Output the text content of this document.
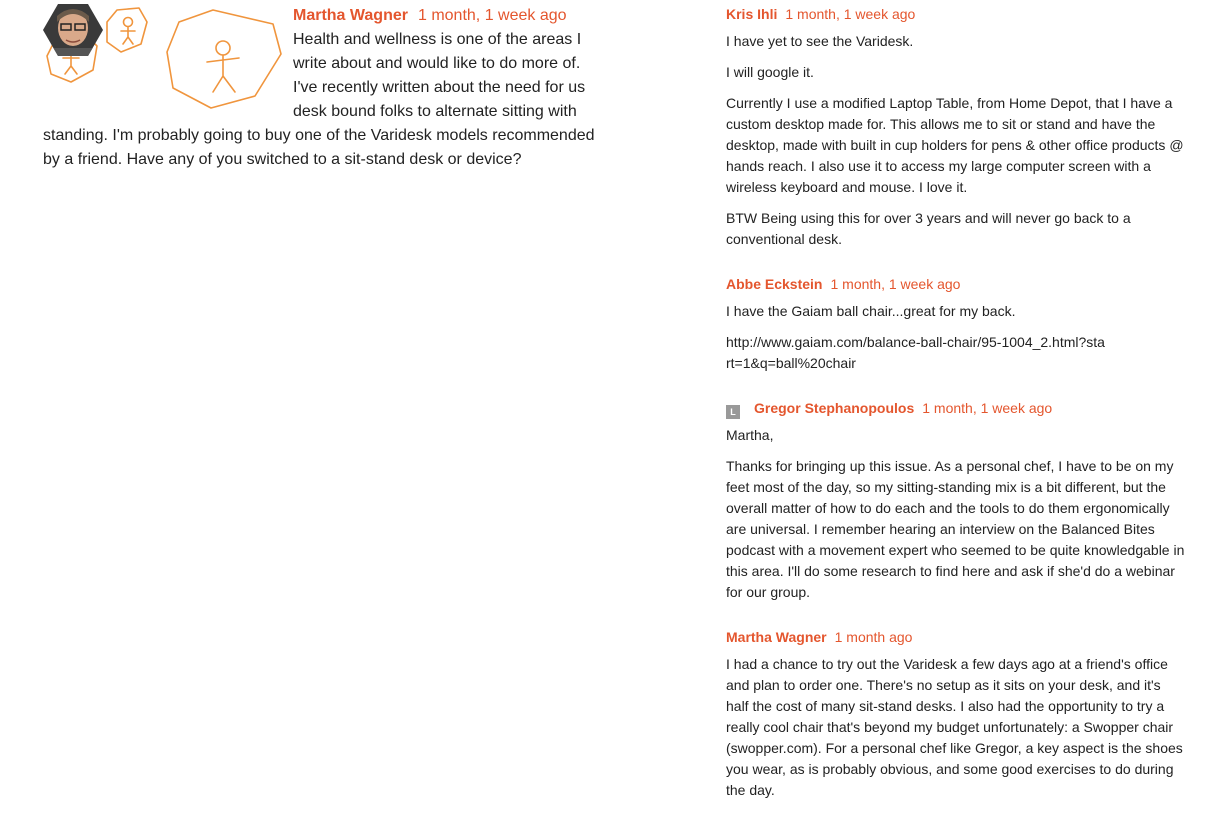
Martha Wagner 1 month, 1 week ago

Health and wellness is one of the areas I write about and would like to do more of. I've recently written about the need for us desk bound folks to alternate sitting with standing. I'm probably going to buy one of the Varidesk models recommended by a friend. Have any of you switched to a sit-stand desk or device?

Kris Ihli 1 month, 1 week ago

I have yet to see the Varidesk.

I will google it.

Currently I use a modified Laptop Table, from Home Depot, that I have a custom desktop made for. This allows me to sit or stand and have the desktop, made with built in cup holders for pens & other office products @ hands reach. I also use it to access my large computer screen with a wireless keyboard and mouse. I love it.

BTW Being using this for over 3 years and will never go back to a conventional desk.

Abbe Eckstein 1 month, 1 week ago

I have the Gaiam ball chair...great for my back.

http://www.gaiam.com/balance-ball-chair/95-1004_2.html?start=1&q=ball%20chair

L Gregor Stephanopoulos 1 month, 1 week ago

Martha,

Thanks for bringing up this issue. As a personal chef, I have to be on my feet most of the day, so my sitting-standing mix is a bit different, but the overall matter of how to do each and the tools to do them ergonomically are universal. I remember hearing an interview on the Balanced Bites podcast with a movement expert who seemed to be quite knowledgable in this area. I'll do some research to find here and ask if she'd do a webinar for our group.

Martha Wagner 1 month ago

I had a chance to try out the Varidesk a few days ago at a friend's office and plan to order one. There's no setup as it sits on your desk, and it's half the cost of many sit-stand desks. I also had the opportunity to try a really cool chair that's beyond my budget unfortunately: a Swopper chair (swopper.com). For a personal chef like Gregor, a key aspect is the shoes you wear, as is probably obvious, and some good exercises to do during the day.
